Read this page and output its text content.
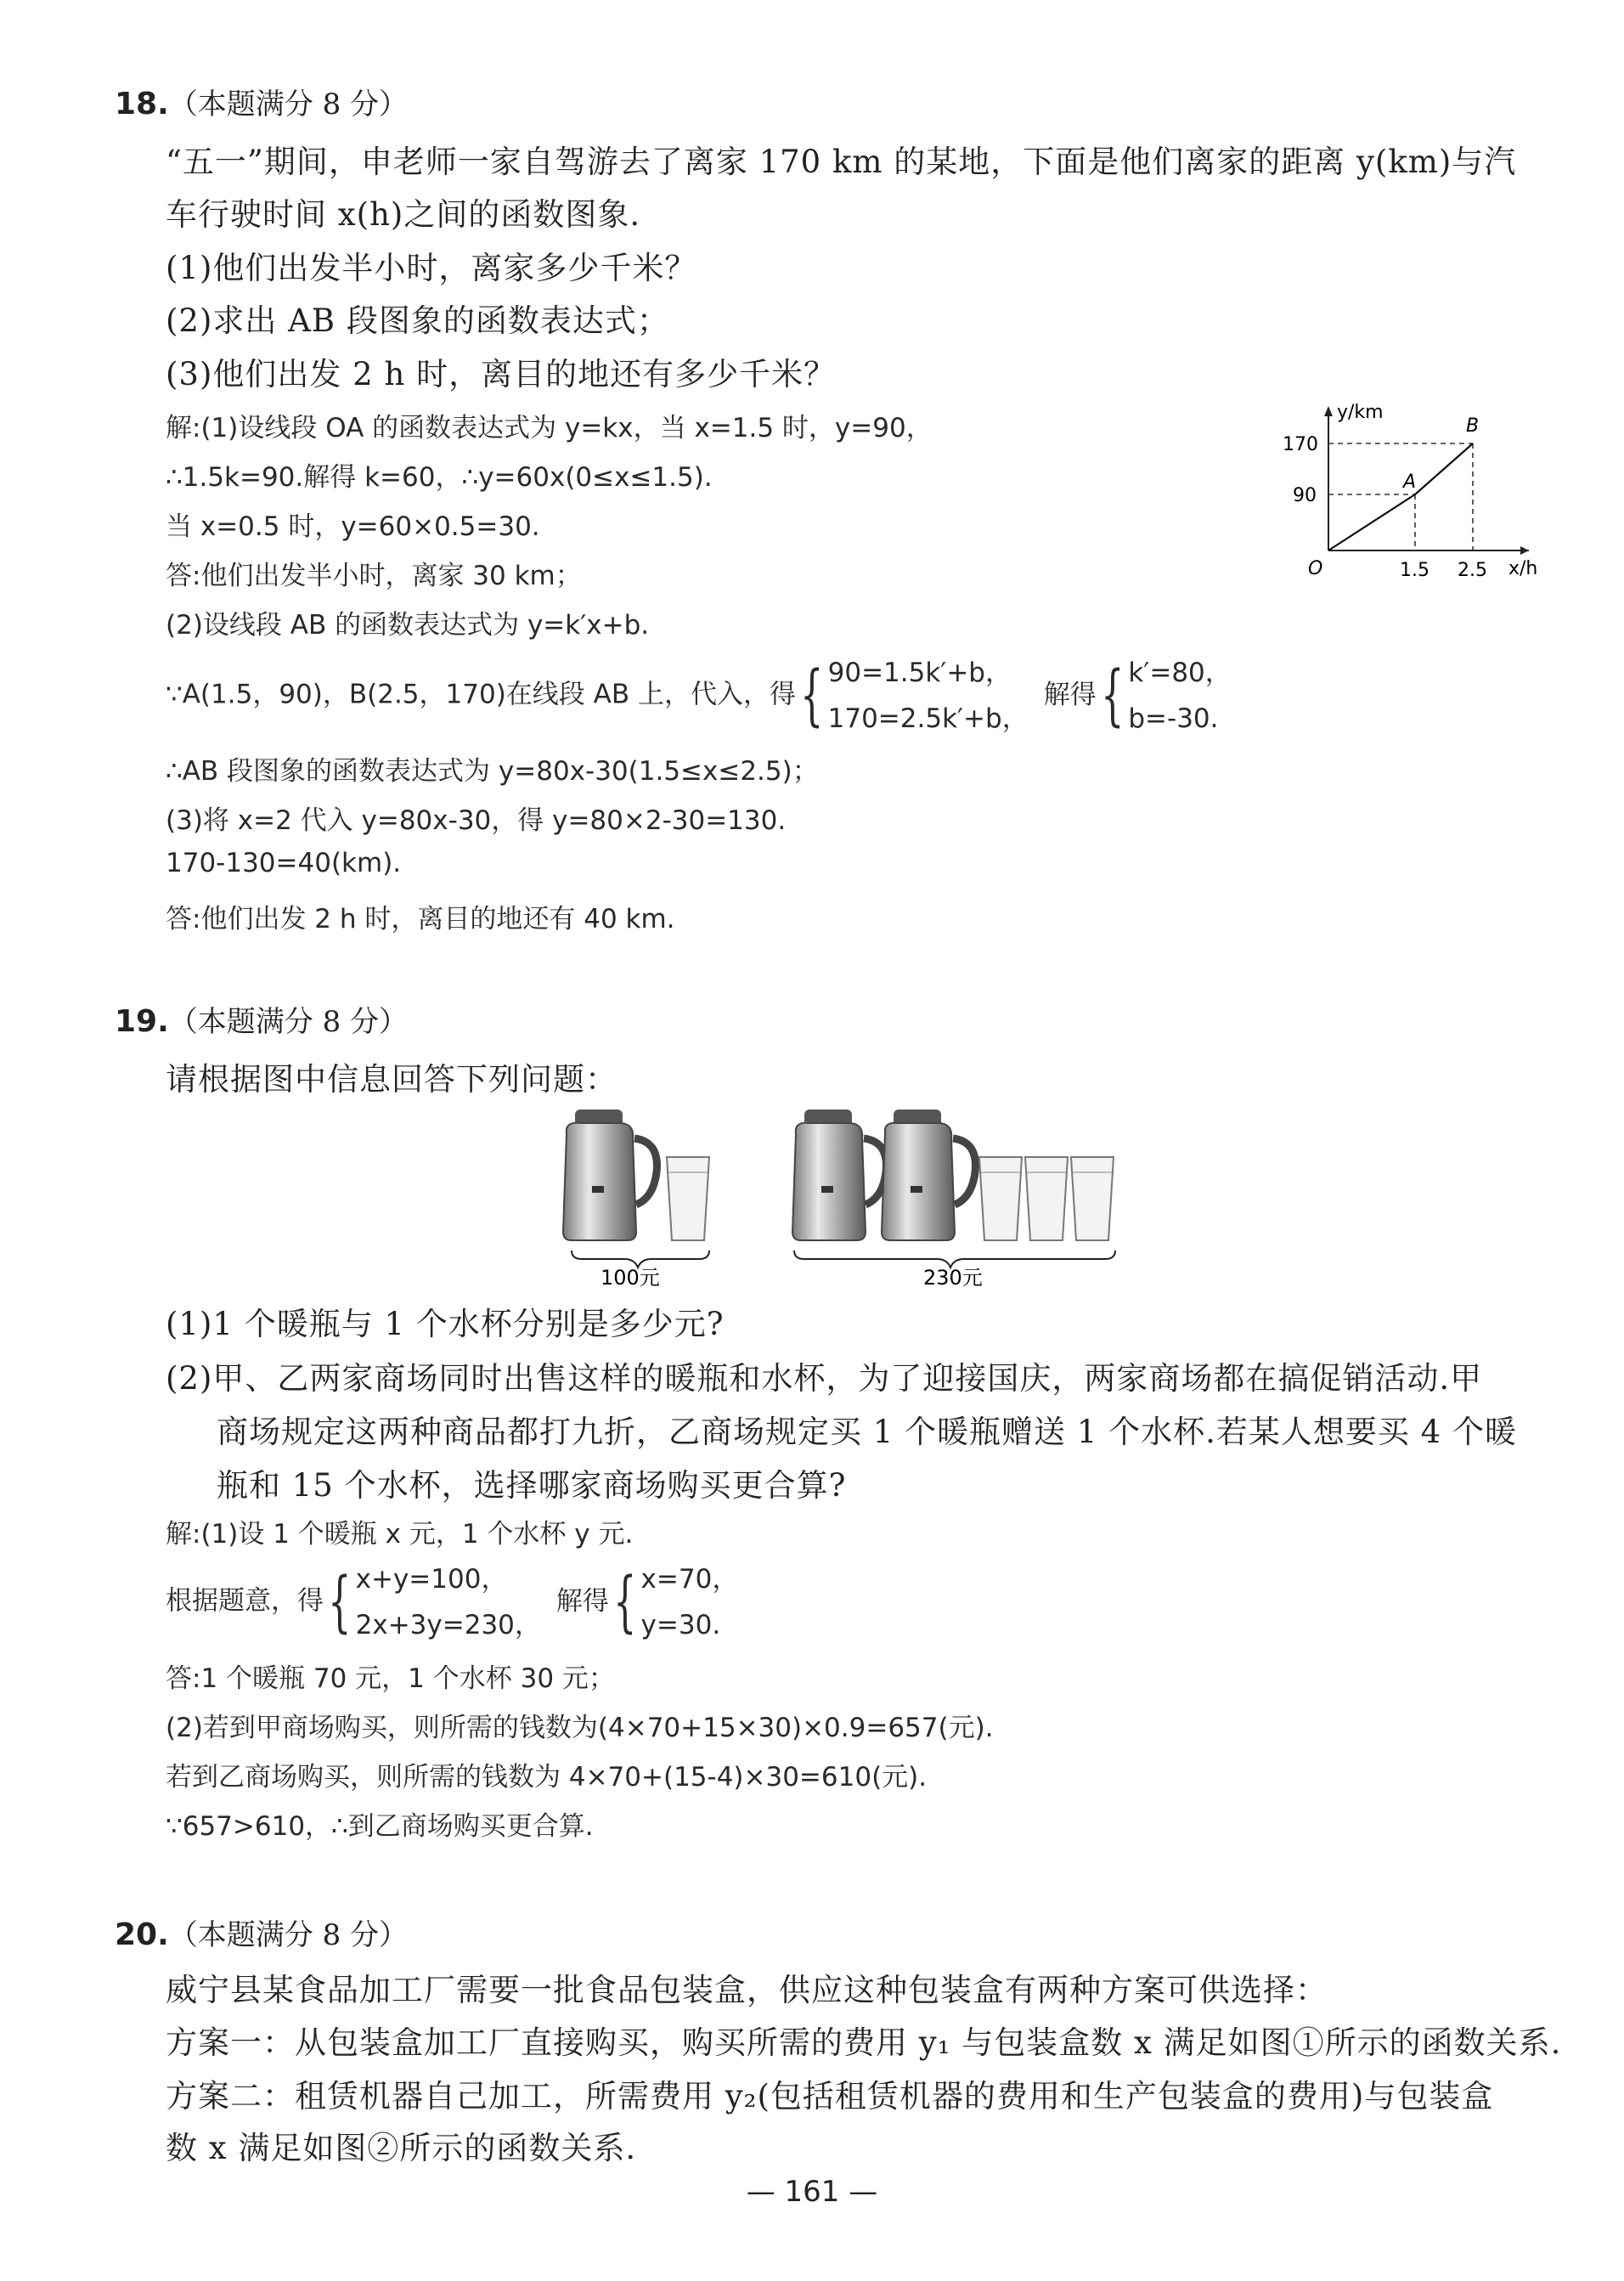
18.（本题满分 8 分）
“五一”期间，申老师一家自驾游去了离家 170 km 的某地，下面是他们离家的距离 y(km)与汽
车行驶时间 x(h)之间的函数图象.
(1)他们出发半小时，离家多少千米？
(2)求出 AB 段图象的函数表达式；
(3)他们出发 2 h 时，离目的地还有多少千米？
解:(1)设线段 OA 的函数表达式为 y=kx，当 x=1.5 时，y=90，
∴1.5k=90.解得 k=60，∴y=60x(0≤x≤1.5).
当 x=0.5 时，y=60×0.5=30.
答:他们出发半小时，离家 30 km；
(2)设线段 AB 的函数表达式为 y=k′x+b.
∵A(1.5，90)，B(2.5，170)在线段 AB 上，代入，得{ 90=1.5k′+b，
170=2.5k′+b，解得{ k′=80，
b=-30.
∴AB 段图象的函数表达式为 y=80x-30(1.5≤x≤2.5)；
(3)将 x=2 代入 y=80x-30，得 y=80×2-30=130.
170-130=40(km).
答:他们出发 2 h 时，离目的地还有 40 km.
y/km
x/h
O
170
90
1.5 2.5
A
B
19.（本题满分 8 分）
请根据图中信息回答下列问题：
100元	230元
(1)1 个暖瓶与 1 个水杯分别是多少元?
(2)甲、乙两家商场同时出售这样的暖瓶和水杯，为了迎接国庆，两家商场都在搞促销活动.甲
商场规定这两种商品都打九折，乙商场规定买 1 个暖瓶赠送 1 个水杯.若某人想要买 4 个暖
瓶和 15 个水杯，选择哪家商场购买更合算?
解:(1)设 1 个暖瓶 x 元，1 个水杯 y 元.
根据题意，得{ x+y=100，
2x+3y=230，解得{ x=70，
y=30.
答:1 个暖瓶 70 元，1 个水杯 30 元；
(2)若到甲商场购买，则所需的钱数为(4×70+15×30)×0.9=657(元).
若到乙商场购买，则所需的钱数为 4×70+(15-4)×30=610(元).
∵657>610，∴到乙商场购买更合算.
20.（本题满分 8 分）
威宁县某食品加工厂需要一批食品包装盒，供应这种包装盒有两种方案可供选择：
方案一：从包装盒加工厂直接购买，购买所需的费用 y₁ 与包装盒数 x 满足如图①所示的函数关系.
方案二：租赁机器自己加工，所需费用 y₂(包括租赁机器的费用和生产包装盒的费用)与包装盒
数 x 满足如图②所示的函数关系.
— 161 —
